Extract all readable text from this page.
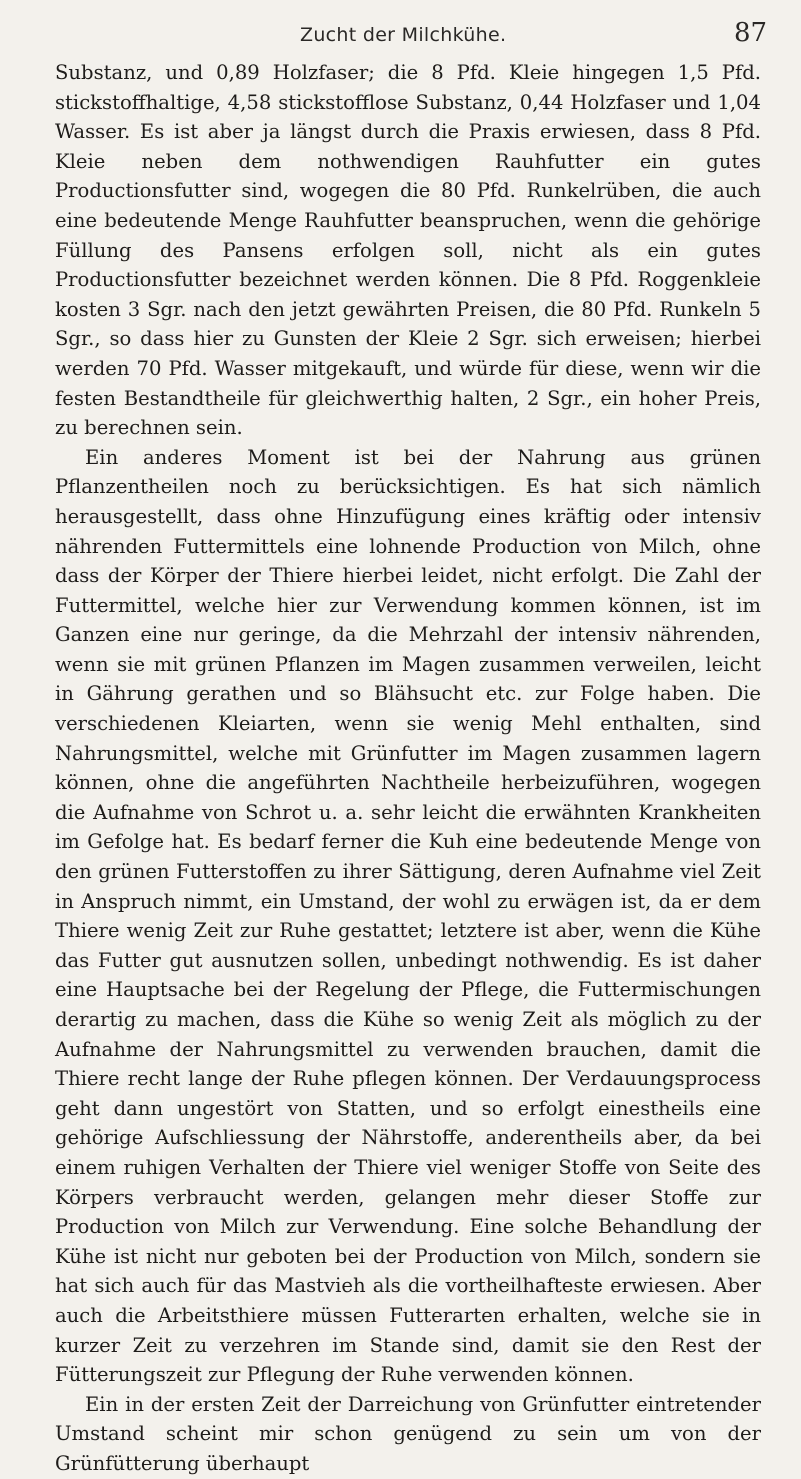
Zucht der Milchkühe.	87

Substanz, und 0,89 Holzfaser; die 8 Pfd. Kleie hingegen 1,5 Pfd. stickstoffhaltige, 4,58 stickstofflose Substanz, 0,44 Holzfaser und 1,04 Wasser. Es ist aber ja längst durch die Praxis erwiesen, dass 8 Pfd. Kleie neben dem nothwendigen Rauhfutter ein gutes Productionsfutter sind, wogegen die 80 Pfd. Runkelrüben, die auch eine bedeutende Menge Rauhfutter beanspruchen, wenn die gehörige Füllung des Pansens erfolgen soll, nicht als ein gutes Productionsfutter bezeichnet werden können. Die 8 Pfd. Roggenkleie kosten 3 Sgr. nach den jetzt gewährten Preisen, die 80 Pfd. Runkeln 5 Sgr., so dass hier zu Gunsten der Kleie 2 Sgr. sich erweisen; hierbei werden 70 Pfd. Wasser mitgekauft, und würde für diese, wenn wir die festen Bestandtheile für gleichwerthig halten, 2 Sgr., ein hoher Preis, zu berechnen sein.

Ein anderes Moment ist bei der Nahrung aus grünen Pflanzentheilen noch zu berücksichtigen. Es hat sich nämlich herausgestellt, dass ohne Hinzufügung eines kräftig oder intensiv nährenden Futtermittels eine lohnende Production von Milch, ohne dass der Körper der Thiere hierbei leidet, nicht erfolgt. Die Zahl der Futtermittel, welche hier zur Verwendung kommen können, ist im Ganzen eine nur geringe, da die Mehrzahl der intensiv nährenden, wenn sie mit grünen Pflanzen im Magen zusammen verweilen, leicht in Gährung gerathen und so Blähsucht etc. zur Folge haben. Die verschiedenen Kleiarten, wenn sie wenig Mehl enthalten, sind Nahrungsmittel, welche mit Grünfutter im Magen zusammen lagern können, ohne die angeführten Nachtheile herbeizuführen, wogegen die Aufnahme von Schrot u. a. sehr leicht die erwähnten Krankheiten im Gefolge hat. Es bedarf ferner die Kuh eine bedeutende Menge von den grünen Futterstoffen zu ihrer Sättigung, deren Aufnahme viel Zeit in Anspruch nimmt, ein Umstand, der wohl zu erwägen ist, da er dem Thiere wenig Zeit zur Ruhe gestattet; letztere ist aber, wenn die Kühe das Futter gut ausnutzen sollen, unbedingt nothwendig. Es ist daher eine Hauptsache bei der Regelung der Pflege, die Futtermischungen derartig zu machen, dass die Kühe so wenig Zeit als möglich zu der Aufnahme der Nahrungsmittel zu verwenden brauchen, damit die Thiere recht lange der Ruhe pflegen können. Der Verdauungsprocess geht dann ungestört von Statten, und so erfolgt einestheils eine gehörige Aufschliessung der Nährstoffe, anderentheils aber, da bei einem ruhigen Verhalten der Thiere viel weniger Stoffe von Seite des Körpers verbraucht werden, gelangen mehr dieser Stoffe zur Production von Milch zur Verwendung. Eine solche Behandlung der Kühe ist nicht nur geboten bei der Production von Milch, sondern sie hat sich auch für das Mastvieh als die vortheilhafteste erwiesen. Aber auch die Arbeitsthiere müssen Futterarten erhalten, welche sie in kurzer Zeit zu verzehren im Stande sind, damit sie den Rest der Fütterungszeit zur Pflegung der Ruhe verwenden können.

Ein in der ersten Zeit der Darreichung von Grünfutter eintretender Umstand scheint mir schon genügend zu sein um von der Grünfütterung überhaupt
